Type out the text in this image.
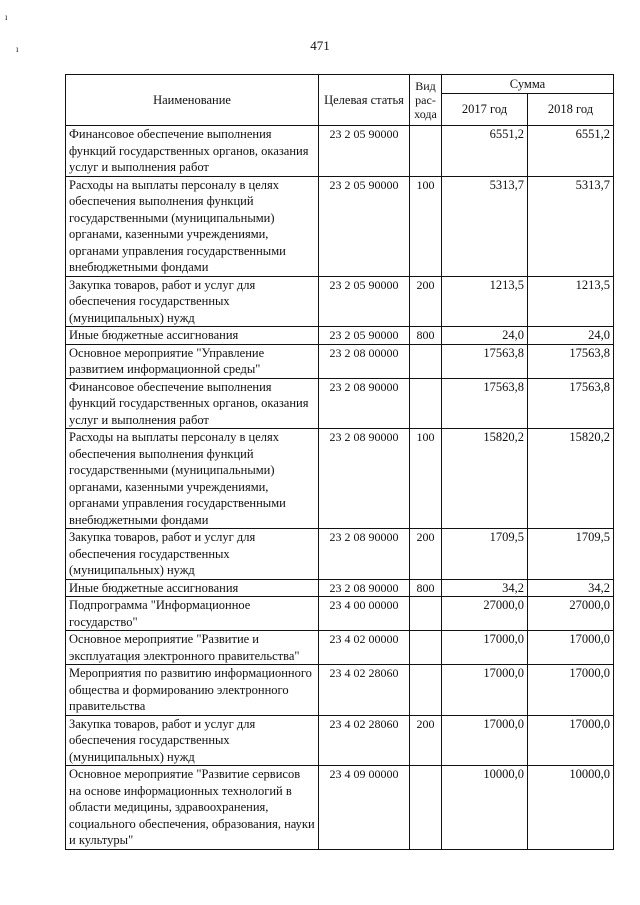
471
ı
ı
Наименование	Целевая статья	Вид рас-хода	Сумма	
			2017 год	2018 год
Финансовое обеспечение выполнения функций государственных органов, оказания услуг и выполнения работ	23 2 05 90000		6551,2	6551,2
Расходы на выплаты персоналу в целях обеспечения выполнения функций государственными (муниципальными) органами, казенными учреждениями, органами управления государственными внебюджетными фондами	23 2 05 90000	100	5313,7	5313,7
Закупка товаров, работ и услуг для обеспечения государственных (муниципальных) нужд	23 2 05 90000	200	1213,5	1213,5
Иные бюджетные ассигнования	23 2 05 90000	800	24,0	24,0
Основное мероприятие "Управление развитием информационной среды"	23 2 08 00000		17563,8	17563,8
Финансовое обеспечение выполнения функций государственных органов, оказания услуг и выполнения работ	23 2 08 90000		17563,8	17563,8
Расходы на выплаты персоналу в целях обеспечения выполнения функций государственными (муниципальными) органами, казенными учреждениями, органами управления государственными внебюджетными фондами	23 2 08 90000	100	15820,2	15820,2
Закупка товаров, работ и услуг для обеспечения государственных (муниципальных) нужд	23 2 08 90000	200	1709,5	1709,5
Иные бюджетные ассигнования	23 2 08 90000	800	34,2	34,2
Подпрограмма "Информационное государство"	23 4 00 00000		27000,0	27000,0
Основное мероприятие "Развитие и эксплуатация электронного правительства"	23 4 02 00000		17000,0	17000,0
Мероприятия по развитию информационного общества и формированию электронного правительства	23 4 02 28060		17000,0	17000,0
Закупка товаров, работ и услуг для обеспечения государственных (муниципальных) нужд	23 4 02 28060	200	17000,0	17000,0
Основное мероприятие "Развитие сервисов на основе информационных технологий в области медицины, здравоохранения, социального обеспечения, образования, науки и культуры"	23 4 09 00000		10000,0	10000,0
